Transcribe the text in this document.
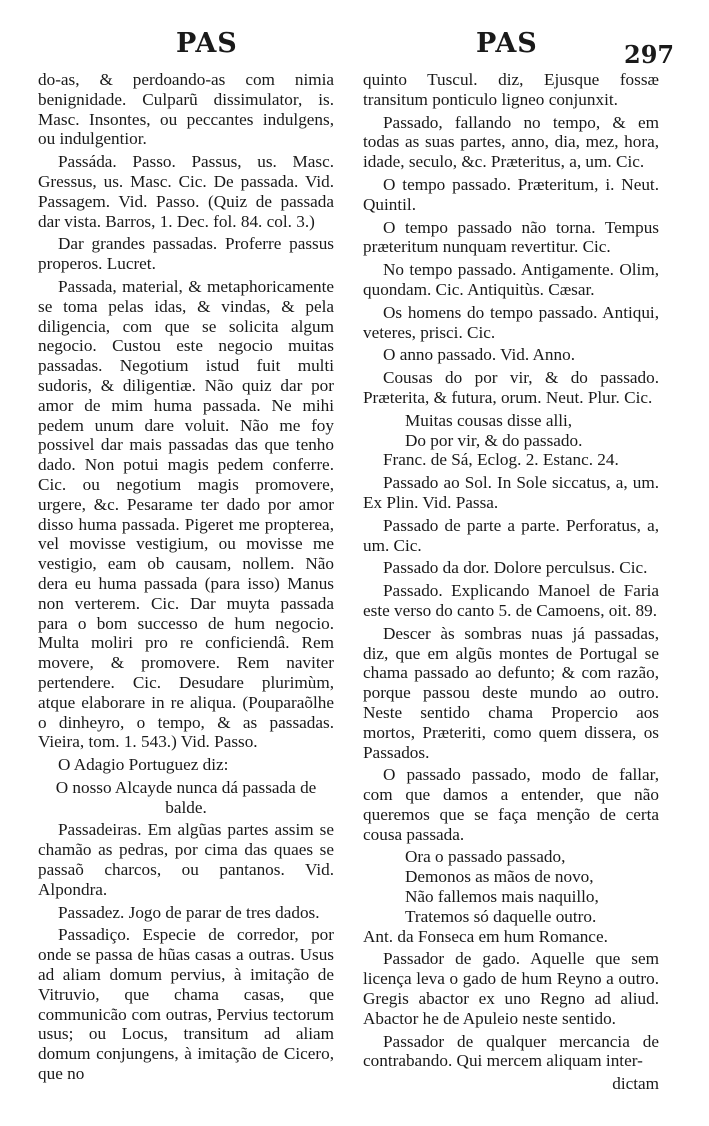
PAS	PAS	297

do-as, & perdoando-as com nimia benignidade. Culparũ dissimulator, is. Masc. Insontes, ou peccantes indulgens, ou indulgentior.

Passáda. Passo. Passus, us. Masc. Gressus, us. Masc. Cic. De passada. Vid. Passagem. Vid. Passo. (Quiz de passada dar vista. Barros, 1. Dec. fol. 84. col. 3.)

Dar grandes passadas. Proferre passus properos. Lucret.

Passada, material, & metaphoricamente se toma pelas idas, & vindas, & pela diligencia, com que se solicita algum negocio. Custou este negocio muitas passadas. Negotium istud fuit multi sudoris, & diligentiæ. Não quiz dar por amor de mim huma passada. Ne mihi pedem unum dare voluit. Não me foy possivel dar mais passadas das que tenho dado. Non potui magis pedem conferre. Cic. ou negotium magis promovere, urgere, &c. Pesarame ter dado por amor disso huma passada. Pigeret me propterea, vel movisse vestigium, ou movisse me vestigio, eam ob causam, nollem. Não dera eu huma passada (para isso) Manus non verterem. Cic. Dar muyta passada para o bom successo de hum negocio. Multa moliri pro re conficiendâ. Rem movere, & promovere. Rem naviter pertendere. Cic. Desudare plurimùm, atque elaborare in re aliqua. (Pouparaõlhe o dinheyro, o tempo, & as passadas. Vieira, tom. 1. 543.) Vid. Passo.

O Adagio Portuguez diz:

O nosso Alcayde nunca dá passada de balde.

Passadeiras. Em algũas partes assim se chamão as pedras, por cima das quaes se passaõ charcos, ou pantanos. Vid. Alpondra.

Passadez. Jogo de parar de tres dados.

Passadiço. Especie de corredor, por onde se passa de hũas casas a outras. Usus ad aliam domum pervius, à imitação de Vitruvio, que chama casas, que communicão com outras, Pervius tectorum usus; ou Locus, transitum ad aliam domum conjungens, à imitação de Cicero, que no

quinto Tuscul. diz, Ejusque fossæ transitum ponticulo ligneo conjunxit.

Passado, fallando no tempo, & em todas as suas partes, anno, dia, mez, hora, idade, seculo, &c. Præteritus, a, um. Cic.

O tempo passado. Præteritum, i. Neut. Quintil.

O tempo passado não torna. Tempus præteritum nunquam revertitur. Cic.

No tempo passado. Antigamente. Olim, quondam. Cic. Antiquitùs. Cæsar.

Os homens do tempo passado. Antiqui, veteres, prisci. Cic.

O anno passado. Vid. Anno.

Cousas do por vir, & do passado. Præterita, & futura, orum. Neut. Plur. Cic.

Muitas cousas disse alli,

Do por vir, & do passado.

Franc. de Sá, Eclog. 2. Estanc. 24.

Passado ao Sol. In Sole siccatus, a, um. Ex Plin. Vid. Passa.

Passado de parte a parte. Perforatus, a, um. Cic.

Passado da dor. Dolore perculsus. Cic.

Passado. Explicando Manoel de Faria este verso do canto 5. de Camoens, oit. 89.

Descer às sombras nuas já passadas, diz, que em algũs montes de Portugal se chama passado ao defunto; & com razão, porque passou deste mundo ao outro. Neste sentido chama Propercio aos mortos, Præteriti, como quem dissera, os Passados.

O passado passado, modo de fallar, com que damos a entender, que não queremos que se faça menção de certa cousa passada.

Ora o passado passado,

Demonos as mãos de novo,

Não fallemos mais naquillo,

Tratemos só daquelle outro.

Ant. da Fonseca em hum Romance.

Passador de gado. Aquelle que sem licença leva o gado de hum Reyno a outro. Gregis abactor ex uno Regno ad aliud. Abactor he de Apuleio neste sentido.

Passador de qualquer mercancia de contrabando. Qui mercem aliquam inter-

dictam
